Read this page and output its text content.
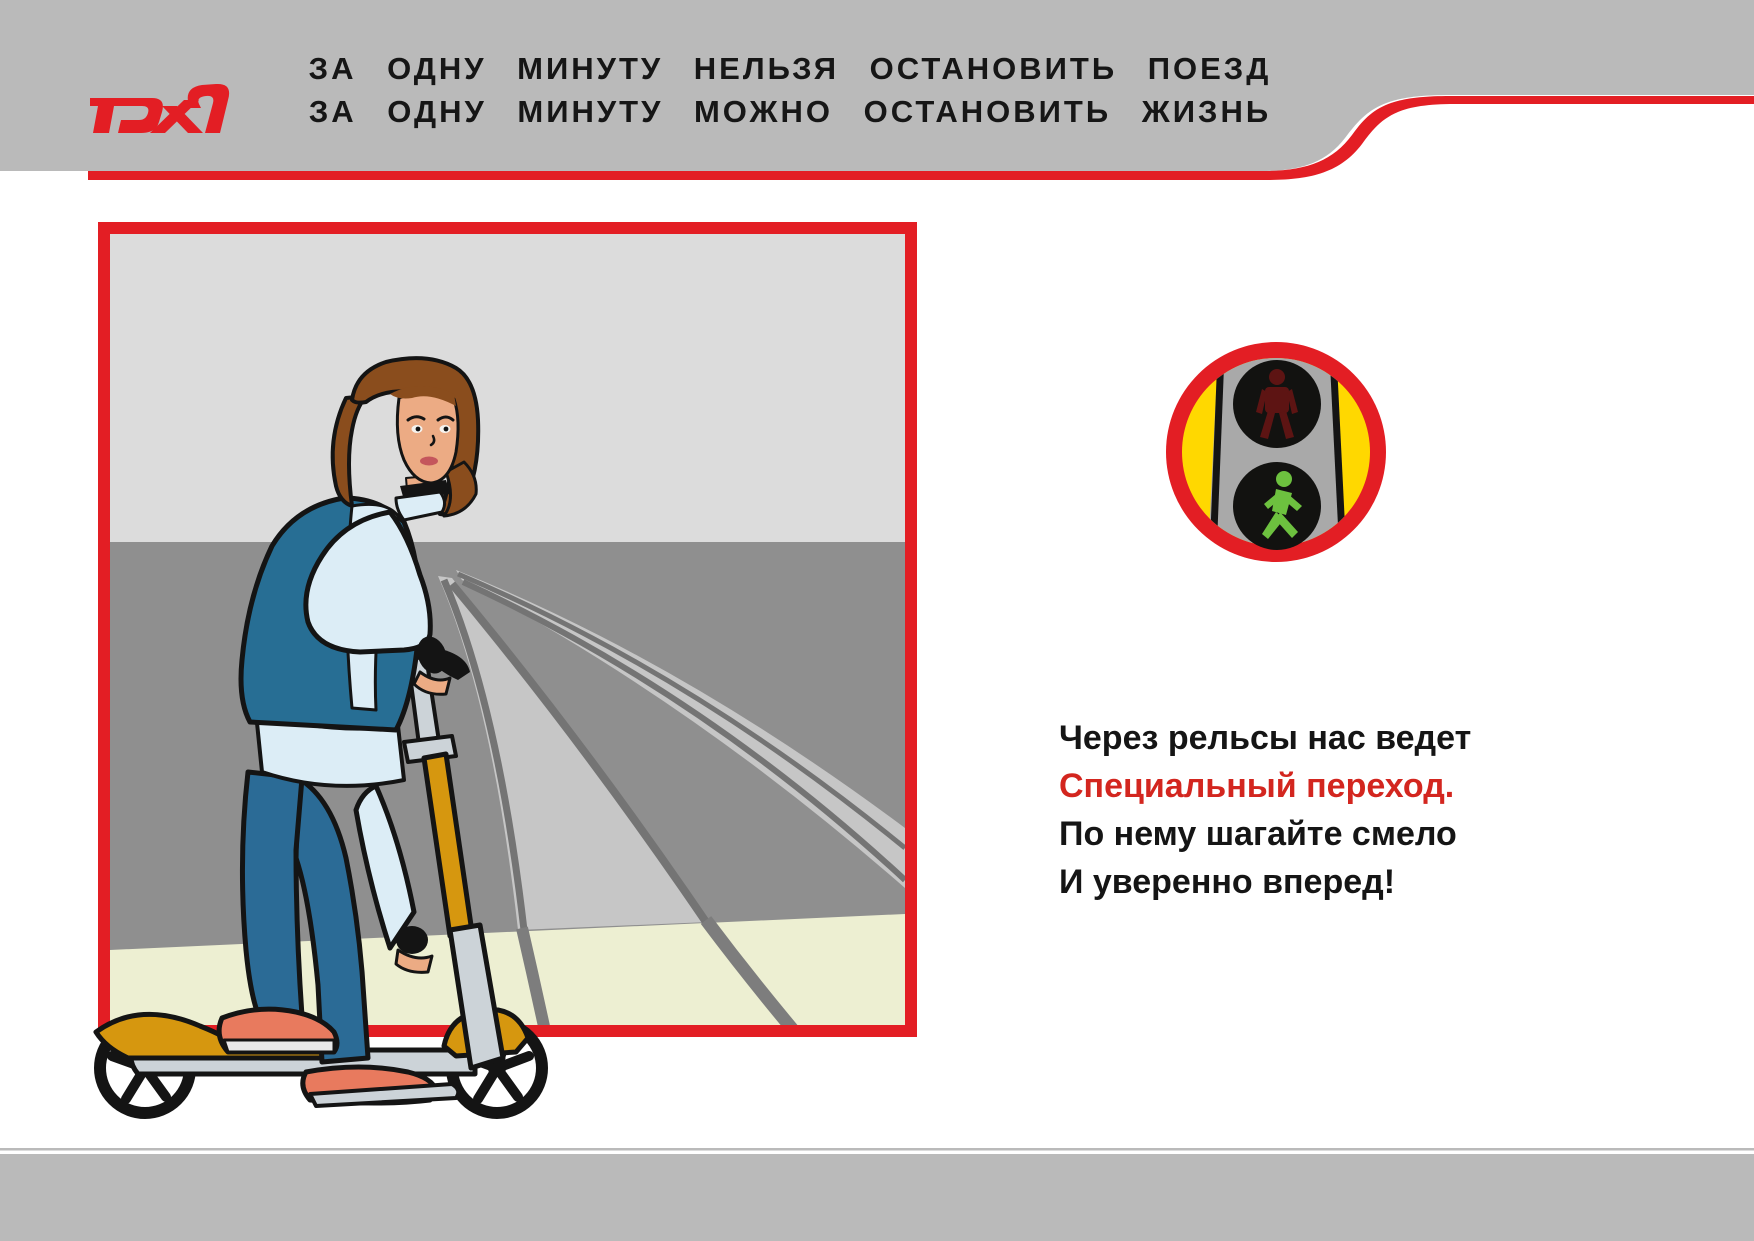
ЗА ОДНУ МИНУТУ НЕЛЬЗЯ ОСТАНОВИТЬ ПОЕЗД
ЗА ОДНУ МИНУТУ МОЖНО ОСТАНОВИТЬ ЖИЗНЬ
Через рельсы нас ведет
Специальный переход.
По нему шагайте смело
И уверенно вперед!
